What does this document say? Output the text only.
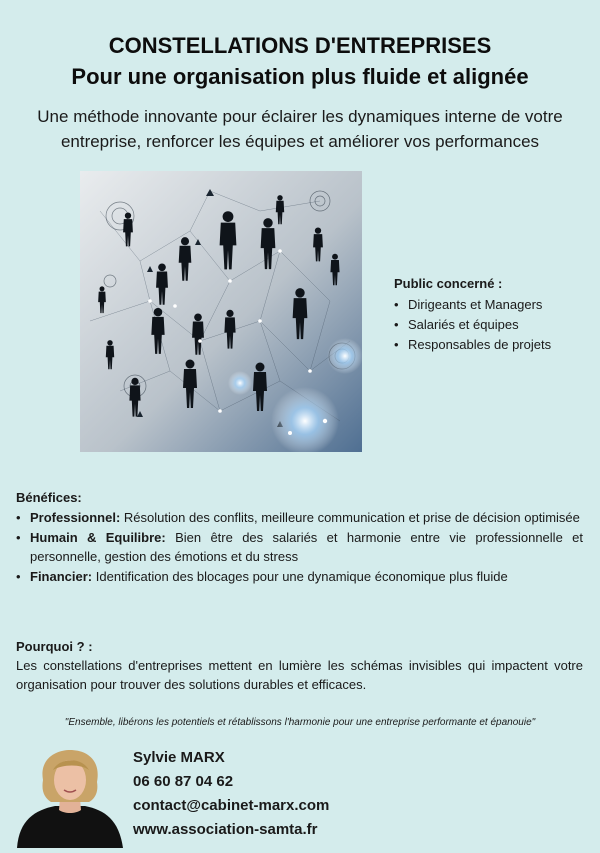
CONSTELLATIONS D'ENTREPRISES
Pour une organisation plus fluide et alignée
Une méthode innovante pour éclairer les dynamiques interne de votre
entreprise, renforcer les équipes et améliorer vos performances
Public concerné :
• Dirigeants et Managers
• Salariés et équipes
• Responsables de projets
Bénéfices:
• Professionnel: Résolution des conflits, meilleure communication et prise de décision optimisée
• Humain & Equilibre: Bien être des salariés et harmonie entre vie professionnelle et personnelle, gestion des émotions et du stress
• Financier: Identification des blocages pour une dynamique économique plus fluide
Pourquoi ? :
Les constellations d'entreprises mettent en lumière les schémas invisibles qui impactent votre organisation pour trouver des solutions durables et efficaces.
"Ensemble, libérons les potentiels et rétablissons l'harmonie pour une entreprise performante et épanouie"
Sylvie MARX
06 60 87 04 62
contact@cabinet-marx.com
www.association-samta.fr
